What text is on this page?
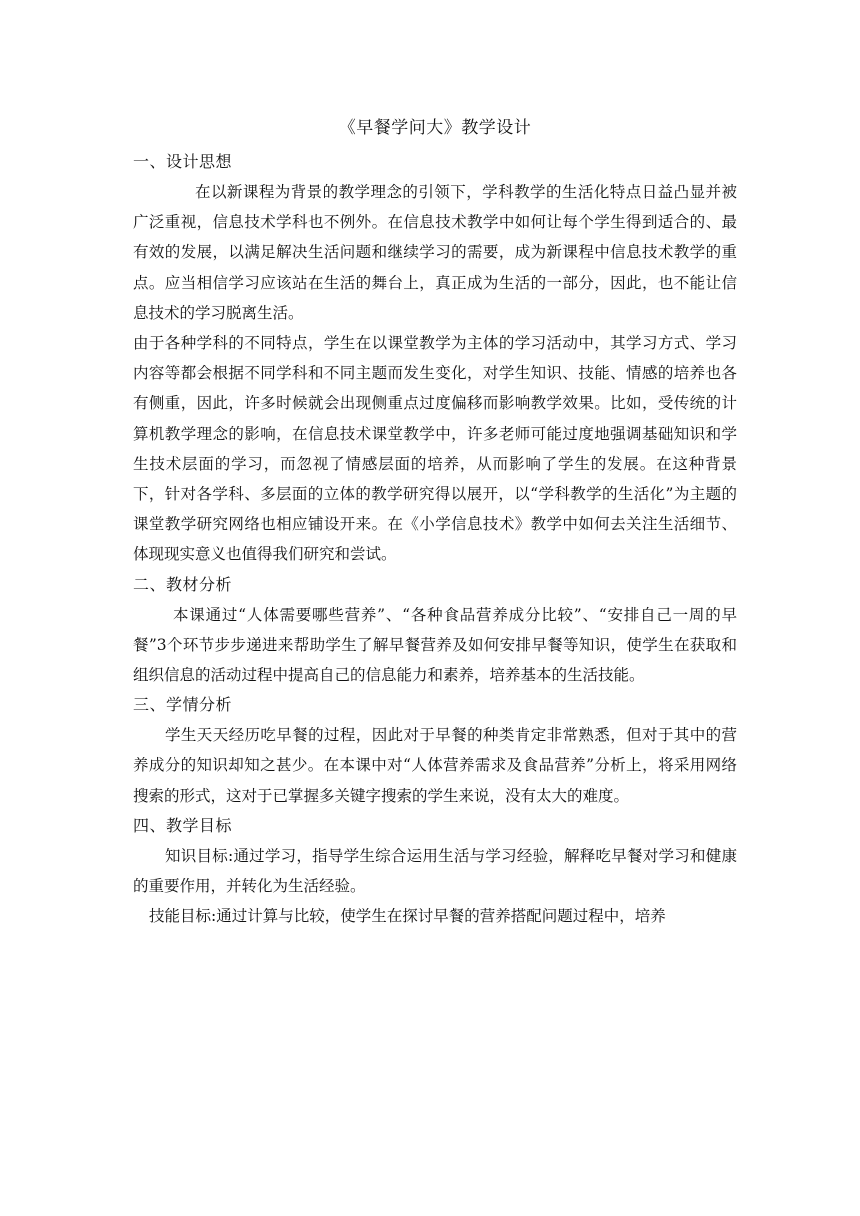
《早餐学问大》教学设计

一、设计思想

在以新课程为背景的教学理念的引领下，学科教学的生活化特点日益凸显并被广泛重视，信息技术学科也不例外。在信息技术教学中如何让每个学生得到适合的、最有效的发展，以满足解决生活问题和继续学习的需要，成为新课程中信息技术教学的重点。应当相信学习应该站在生活的舞台上，真正成为生活的一部分，因此，也不能让信息技术的学习脱离生活。

由于各种学科的不同特点，学生在以课堂教学为主体的学习活动中，其学习方式、学习内容等都会根据不同学科和不同主题而发生变化，对学生知识、技能、情感的培养也各有侧重，因此，许多时候就会出现侧重点过度偏移而影响教学效果。比如，受传统的计算机教学理念的影响，在信息技术课堂教学中，许多老师可能过度地强调基础知识和学生技术层面的学习，而忽视了情感层面的培养，从而影响了学生的发展。在这种背景下，针对各学科、多层面的立体的教学研究得以展开，以“学科教学的生活化”为主题的课堂教学研究网络也相应铺设开来。在《小学信息技术》教学中如何去关注生活细节、体现现实意义也值得我们研究和尝试。

二、教材分析

本课通过“人体需要哪些营养”、“各种食品营养成分比较”、“安排自己一周的早餐”3个环节步步递进来帮助学生了解早餐营养及如何安排早餐等知识，使学生在获取和组织信息的活动过程中提高自己的信息能力和素养，培养基本的生活技能。

三、学情分析

学生天天经历吃早餐的过程，因此对于早餐的种类肯定非常熟悉，但对于其中的营养成分的知识却知之甚少。在本课中对“人体营养需求及食品营养”分析上，将采用网络搜索的形式，这对于已掌握多关键字搜索的学生来说，没有太大的难度。

四、教学目标

知识目标:通过学习，指导学生综合运用生活与学习经验，解释吃早餐对学习和健康的重要作用，并转化为生活经验。

技能目标:通过计算与比较，使学生在探讨早餐的营养搭配问题过程中，培养
